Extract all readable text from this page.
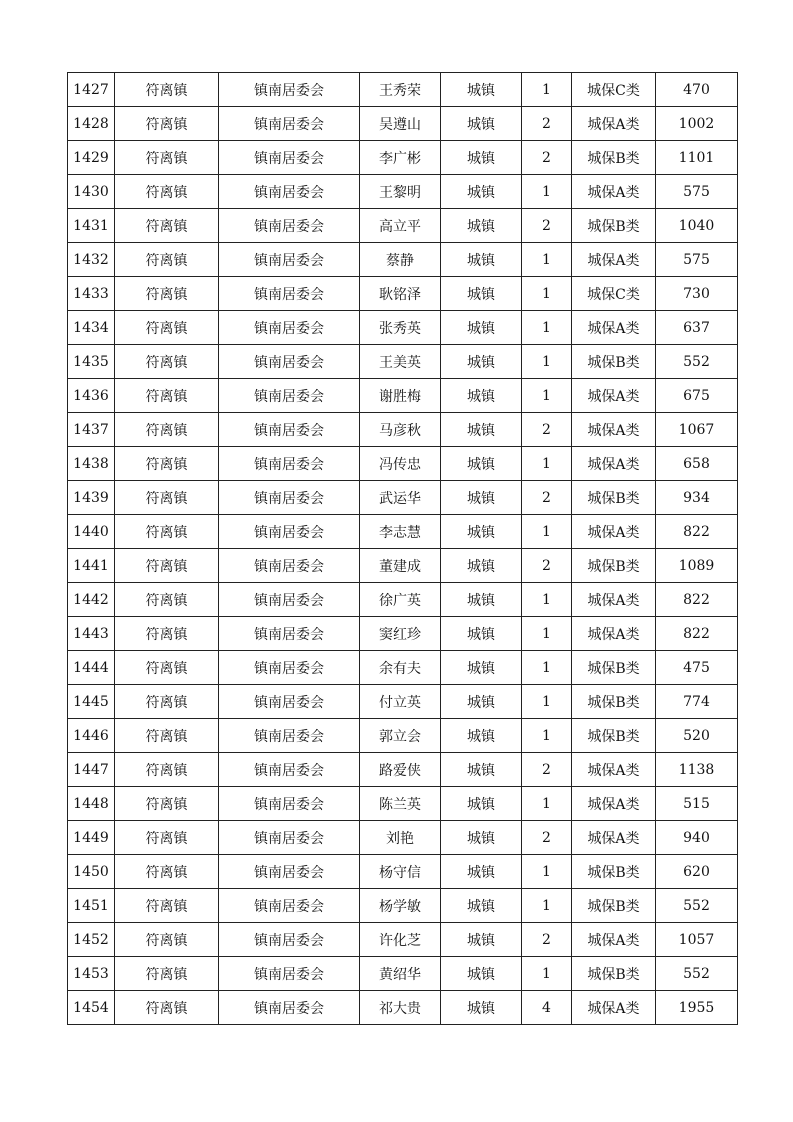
1427	符离镇	镇南居委会	王秀荣	城镇	1	城保C类	470
1428	符离镇	镇南居委会	吴遵山	城镇	2	城保A类	1002
1429	符离镇	镇南居委会	李广彬	城镇	2	城保B类	1101
1430	符离镇	镇南居委会	王黎明	城镇	1	城保A类	575
1431	符离镇	镇南居委会	高立平	城镇	2	城保B类	1040
1432	符离镇	镇南居委会	蔡静	城镇	1	城保A类	575
1433	符离镇	镇南居委会	耿铭泽	城镇	1	城保C类	730
1434	符离镇	镇南居委会	张秀英	城镇	1	城保A类	637
1435	符离镇	镇南居委会	王美英	城镇	1	城保B类	552
1436	符离镇	镇南居委会	谢胜梅	城镇	1	城保A类	675
1437	符离镇	镇南居委会	马彦秋	城镇	2	城保A类	1067
1438	符离镇	镇南居委会	冯传忠	城镇	1	城保A类	658
1439	符离镇	镇南居委会	武运华	城镇	2	城保B类	934
1440	符离镇	镇南居委会	李志慧	城镇	1	城保A类	822
1441	符离镇	镇南居委会	董建成	城镇	2	城保B类	1089
1442	符离镇	镇南居委会	徐广英	城镇	1	城保A类	822
1443	符离镇	镇南居委会	窦红珍	城镇	1	城保A类	822
1444	符离镇	镇南居委会	余有夫	城镇	1	城保B类	475
1445	符离镇	镇南居委会	付立英	城镇	1	城保B类	774
1446	符离镇	镇南居委会	郭立会	城镇	1	城保B类	520
1447	符离镇	镇南居委会	路爱侠	城镇	2	城保A类	1138
1448	符离镇	镇南居委会	陈兰英	城镇	1	城保A类	515
1449	符离镇	镇南居委会	刘艳	城镇	2	城保A类	940
1450	符离镇	镇南居委会	杨守信	城镇	1	城保B类	620
1451	符离镇	镇南居委会	杨学敏	城镇	1	城保B类	552
1452	符离镇	镇南居委会	许化芝	城镇	2	城保A类	1057
1453	符离镇	镇南居委会	黄绍华	城镇	1	城保B类	552
1454	符离镇	镇南居委会	祁大贵	城镇	4	城保A类	1955
